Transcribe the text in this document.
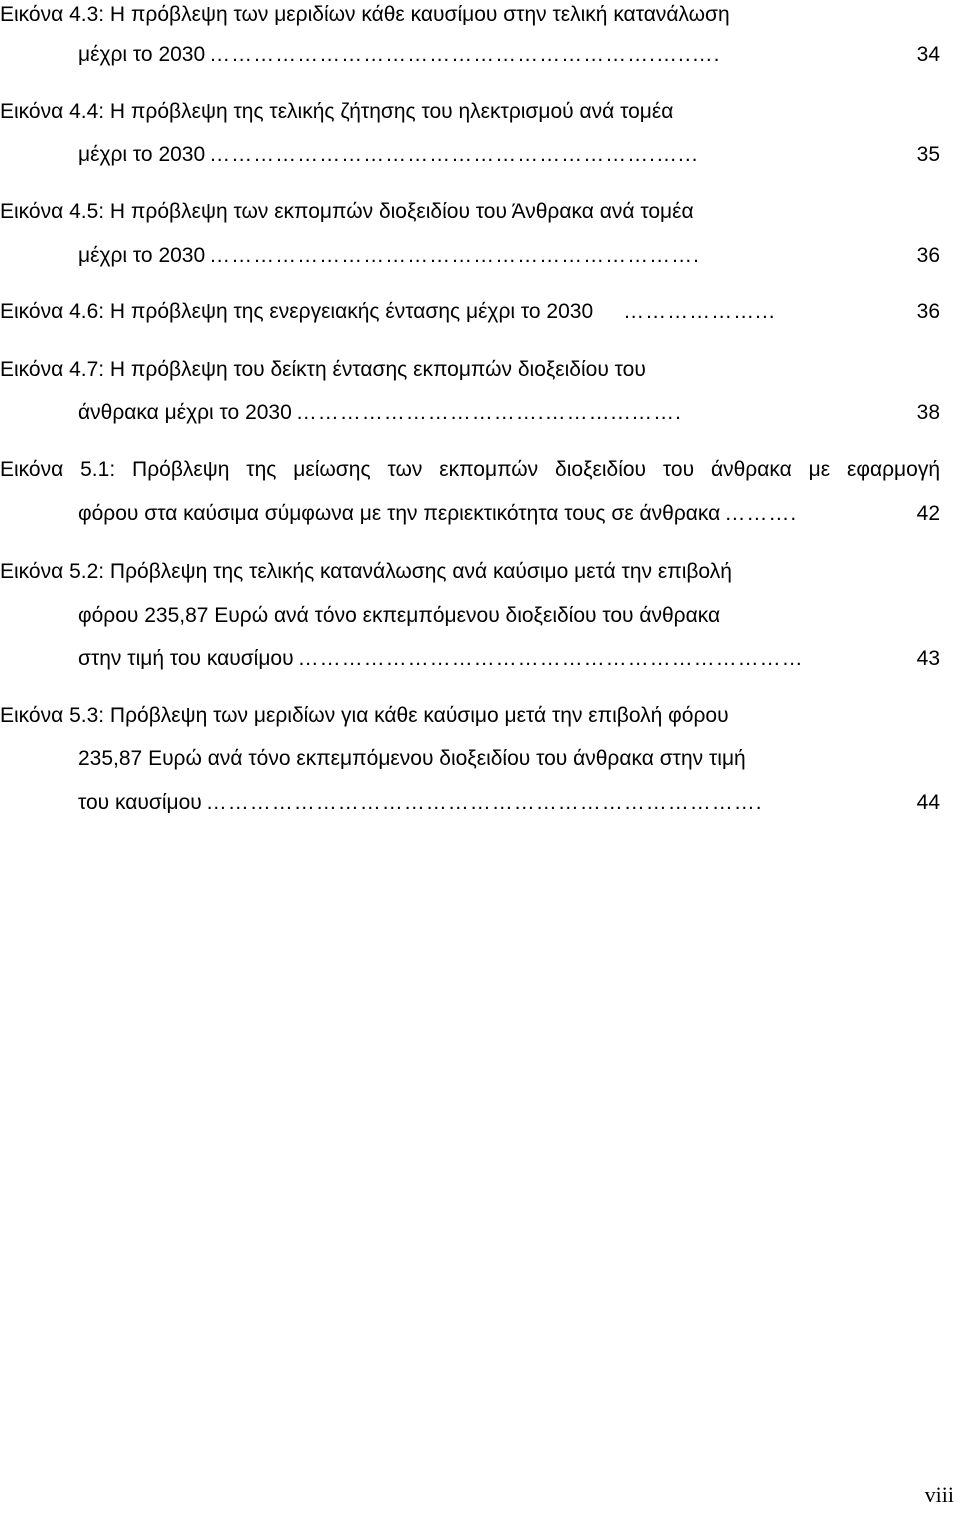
Εικόνα 4.3: Η πρόβλεψη των μεριδίων κάθε καυσίμου στην τελική κατανάλωση
μέχρι το 2030 …………………………………………………….…..….	34
Εικόνα 4.4: Η πρόβλεψη της τελικής ζήτησης του ηλεκτρισμού ανά τομέα
μέχρι το 2030 …………………………………………………….…...	35
Εικόνα 4.5: Η πρόβλεψη των εκπομπών διοξειδίου του Άνθρακα ανά τομέα
μέχρι το 2030 ………………………………………………………….	36
Εικόνα 4.6: Η πρόβλεψη της ενεργειακής έντασης μέχρι το 2030 ………………...	36
Εικόνα 4.7: Η πρόβλεψη του δείκτη έντασης εκπομπών διοξειδίου του
άνθρακα μέχρι το 2030 …………………………….………...…….	38
Εικόνα 5.1: Πρόβλεψη της μείωσης των εκπομπών διοξειδίου του άνθρακα με εφαρμογή
φόρου στα καύσιμα σύμφωνα με την περιεκτικότητα τους σε άνθρακα ……….	42
Εικόνα 5.2: Πρόβλεψη της τελικής κατανάλωσης ανά καύσιμο μετά την επιβολή
φόρου 235,87 Ευρώ ανά τόνο εκπεμπόμενου διοξειδίου του άνθρακα
στην τιμή του καυσίμου ……………………………………………………………	43
Εικόνα 5.3: Πρόβλεψη των μεριδίων για κάθε καύσιμο μετά την επιβολή φόρου
235,87 Ευρώ ανά τόνο εκπεμπόμενου διοξειδίου του άνθρακα στην τιμή
του καυσίμου ………………………………………………………………….	44
viii
